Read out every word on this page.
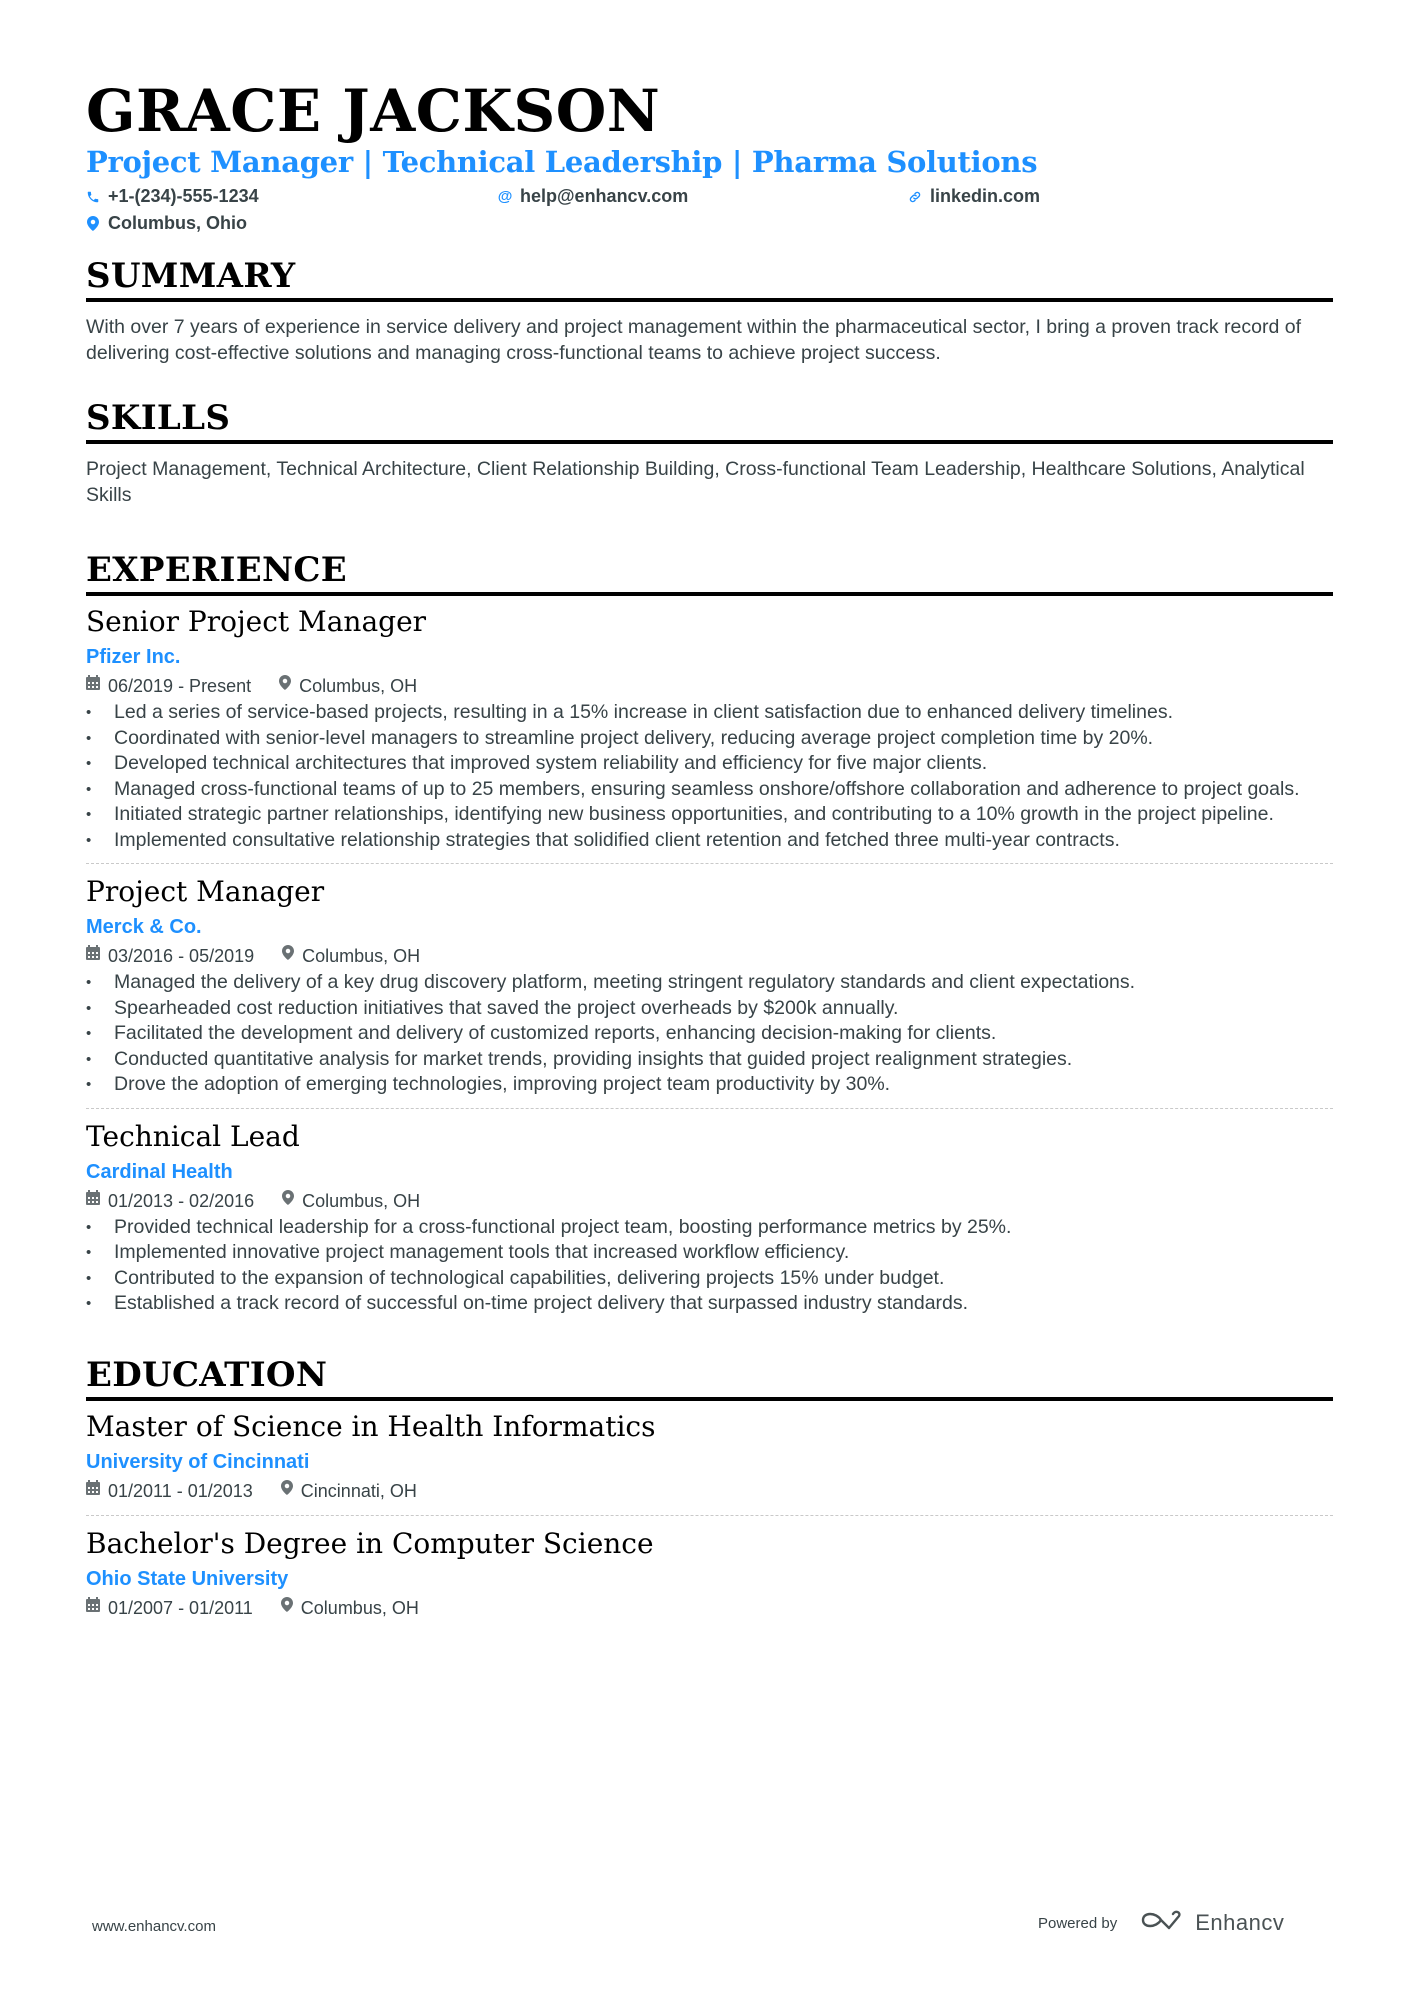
GRACE JACKSON
Project Manager | Technical Leadership | Pharma Solutions
+1-(234)-555-1234	@ help@enhancv.com	linkedin.com
Columbus, Ohio
SUMMARY

With over 7 years of experience in service delivery and project management within the pharmaceutical sector, I bring a proven track record of delivering cost-effective solutions and managing cross-functional teams to achieve project success.

SKILLS

Project Management, Technical Architecture, Client Relationship Building, Cross-functional Team Leadership, Healthcare Solutions, Analytical Skills

EXPERIENCE
Senior Project Manager
Pfizer Inc.
06/2019 - Present	Columbus, OH
• Led a series of service-based projects, resulting in a 15% increase in client satisfaction due to enhanced delivery timelines.
• Coordinated with senior-level managers to streamline project delivery, reducing average project completion time by 20%.
• Developed technical architectures that improved system reliability and efficiency for five major clients.
• Managed cross-functional teams of up to 25 members, ensuring seamless onshore/offshore collaboration and adherence to project goals.
• Initiated strategic partner relationships, identifying new business opportunities, and contributing to a 10% growth in the project pipeline.
• Implemented consultative relationship strategies that solidified client retention and fetched three multi-year contracts.
Project Manager
Merck & Co.
03/2016 - 05/2019	Columbus, OH
• Managed the delivery of a key drug discovery platform, meeting stringent regulatory standards and client expectations.
• Spearheaded cost reduction initiatives that saved the project overheads by $200k annually.
• Facilitated the development and delivery of customized reports, enhancing decision-making for clients.
• Conducted quantitative analysis for market trends, providing insights that guided project realignment strategies.
• Drove the adoption of emerging technologies, improving project team productivity by 30%.
Technical Lead
Cardinal Health
01/2013 - 02/2016	Columbus, OH
• Provided technical leadership for a cross-functional project team, boosting performance metrics by 25%.
• Implemented innovative project management tools that increased workflow efficiency.
• Contributed to the expansion of technological capabilities, delivering projects 15% under budget.
• Established a track record of successful on-time project delivery that surpassed industry standards.
EDUCATION
Master of Science in Health Informatics
University of Cincinnati
01/2011 - 01/2013	Cincinnati, OH
Bachelor's Degree in Computer Science
Ohio State University
01/2007 - 01/2011	Columbus, OH
www.enhancv.com	Powered by	Enhancv
